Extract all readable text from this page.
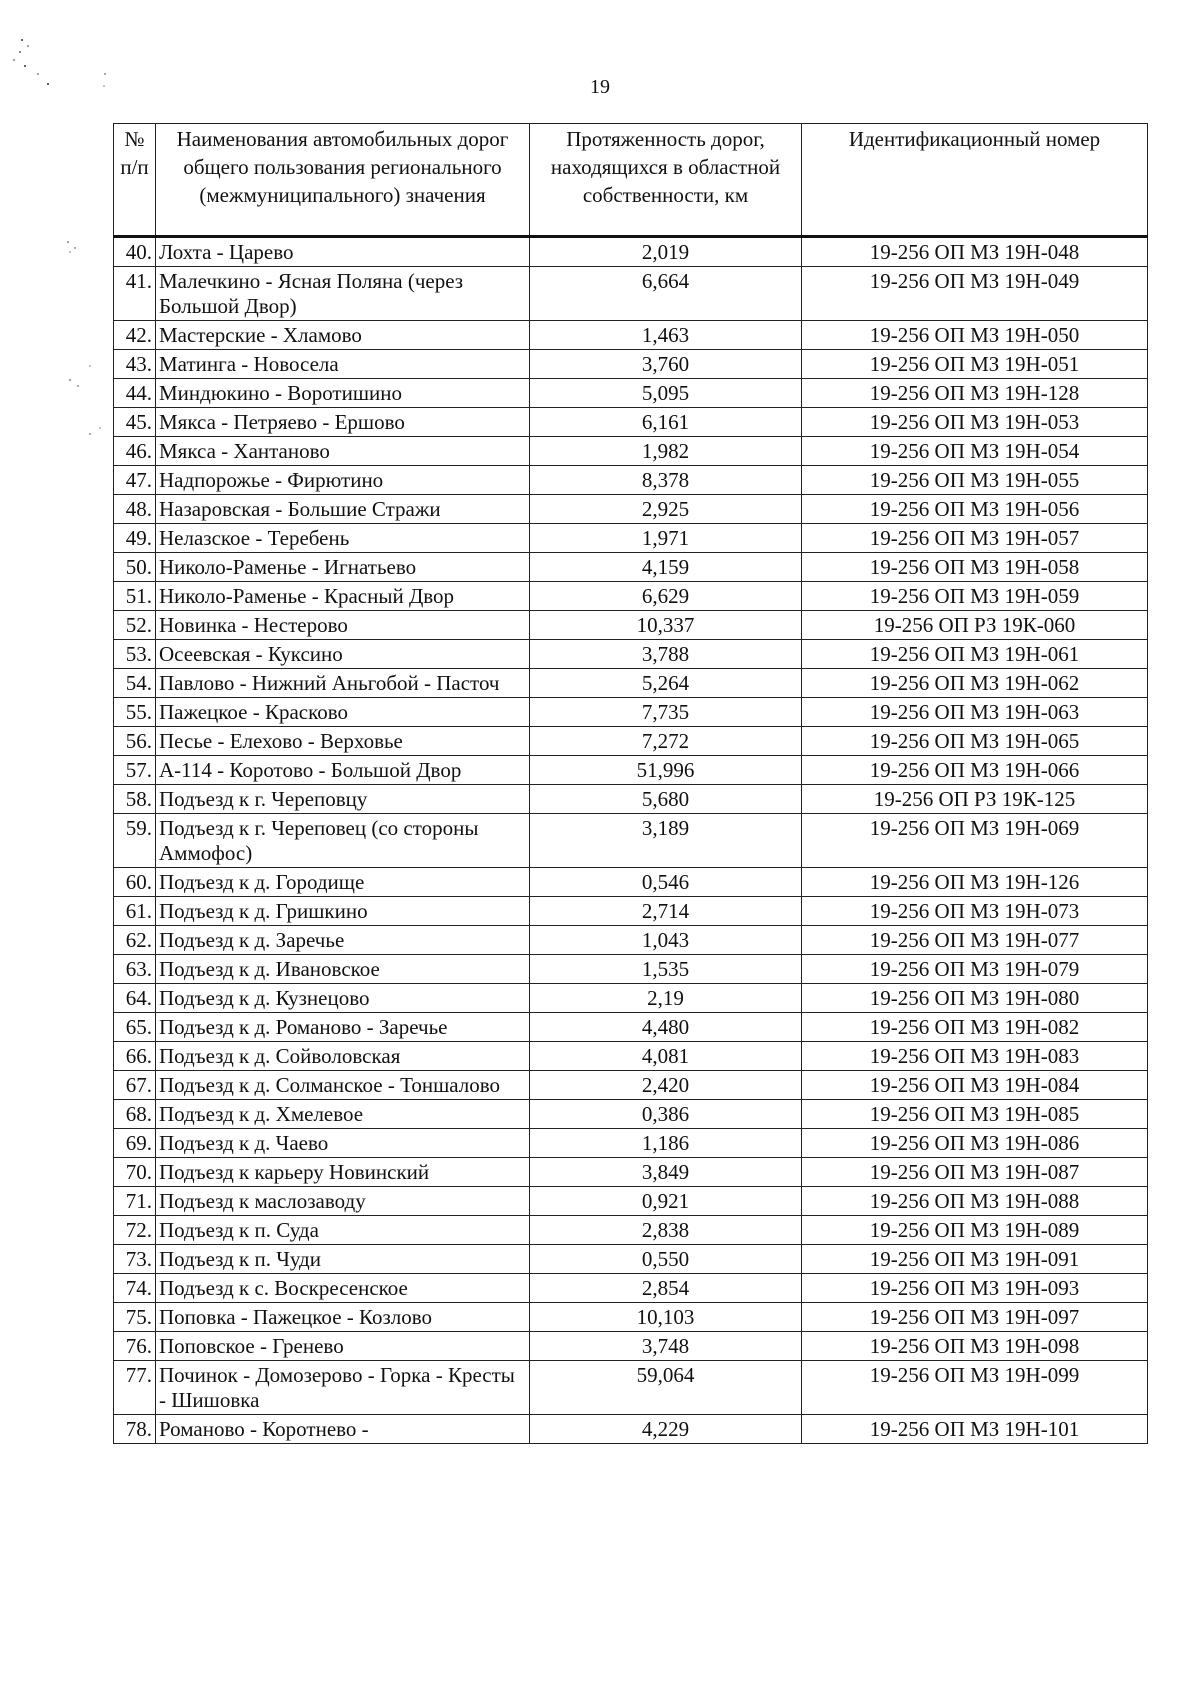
19
№ п/п	Наименования автомобильных дорог общего пользования регионального (межмуниципального) значения	Протяженность дорог, находящихся в областной собственности, км	Идентификационный номер
40.	Лохта - Царево	2,019	19-256 ОП МЗ 19Н-048
41.	Малечкино - Ясная Поляна (через Большой Двор)	6,664	19-256 ОП МЗ 19Н-049
42.	Мастерские - Хламово	1,463	19-256 ОП МЗ 19Н-050
43.	Матинга - Новосела	3,760	19-256 ОП МЗ 19Н-051
44.	Миндюкино - Воротишино	5,095	19-256 ОП МЗ 19Н-128
45.	Мякса - Петряево - Ершово	6,161	19-256 ОП МЗ 19Н-053
46.	Мякса - Хантаново	1,982	19-256 ОП МЗ 19Н-054
47.	Надпорожье - Фирютино	8,378	19-256 ОП МЗ 19Н-055
48.	Назаровская - Большие Стражи	2,925	19-256 ОП МЗ 19Н-056
49.	Нелазское - Теребень	1,971	19-256 ОП МЗ 19Н-057
50.	Николо-Раменье - Игнатьево	4,159	19-256 ОП МЗ 19Н-058
51.	Николо-Раменье - Красный Двор	6,629	19-256 ОП МЗ 19Н-059
52.	Новинка - Нестерово	10,337	19-256 ОП РЗ 19К-060
53.	Осеевская - Куксино	3,788	19-256 ОП МЗ 19Н-061
54.	Павлово - Нижний Аньгобой - Пасточ	5,264	19-256 ОП МЗ 19Н-062
55.	Пажецкое - Красково	7,735	19-256 ОП МЗ 19Н-063
56.	Песье - Елехово - Верховье	7,272	19-256 ОП МЗ 19Н-065
57.	А-114 - Коротово - Большой Двор	51,996	19-256 ОП МЗ 19Н-066
58.	Подъезд к г. Череповцу	5,680	19-256 ОП РЗ 19К-125
59.	Подъезд к г. Череповец (со стороны Аммофос)	3,189	19-256 ОП МЗ 19Н-069
60.	Подъезд к д. Городище	0,546	19-256 ОП МЗ 19Н-126
61.	Подъезд к д. Гришкино	2,714	19-256 ОП МЗ 19Н-073
62.	Подъезд к д. Заречье	1,043	19-256 ОП МЗ 19Н-077
63.	Подъезд к д. Ивановское	1,535	19-256 ОП МЗ 19Н-079
64.	Подъезд к д. Кузнецово	2,19	19-256 ОП МЗ 19Н-080
65.	Подъезд к д. Романово - Заречье	4,480	19-256 ОП МЗ 19Н-082
66.	Подъезд к д. Сойволовская	4,081	19-256 ОП МЗ 19Н-083
67.	Подъезд к д. Солманское - Тоншалово	2,420	19-256 ОП МЗ 19Н-084
68.	Подъезд к д. Хмелевое	0,386	19-256 ОП МЗ 19Н-085
69.	Подъезд к д. Чаево	1,186	19-256 ОП МЗ 19Н-086
70.	Подъезд к карьеру Новинский	3,849	19-256 ОП МЗ 19Н-087
71.	Подъезд к маслозаводу	0,921	19-256 ОП МЗ 19Н-088
72.	Подъезд к п. Суда	2,838	19-256 ОП МЗ 19Н-089
73.	Подъезд к п. Чуди	0,550	19-256 ОП МЗ 19Н-091
74.	Подъезд к с. Воскресенское	2,854	19-256 ОП МЗ 19Н-093
75.	Поповка - Пажецкое - Козлово	10,103	19-256 ОП МЗ 19Н-097
76.	Поповское - Гренево	3,748	19-256 ОП МЗ 19Н-098
77.	Починок - Домозерово - Горка - Кресты - Шишовка	59,064	19-256 ОП МЗ 19Н-099
78.	Романово - Коротнево -	4,229	19-256 ОП МЗ 19Н-101
